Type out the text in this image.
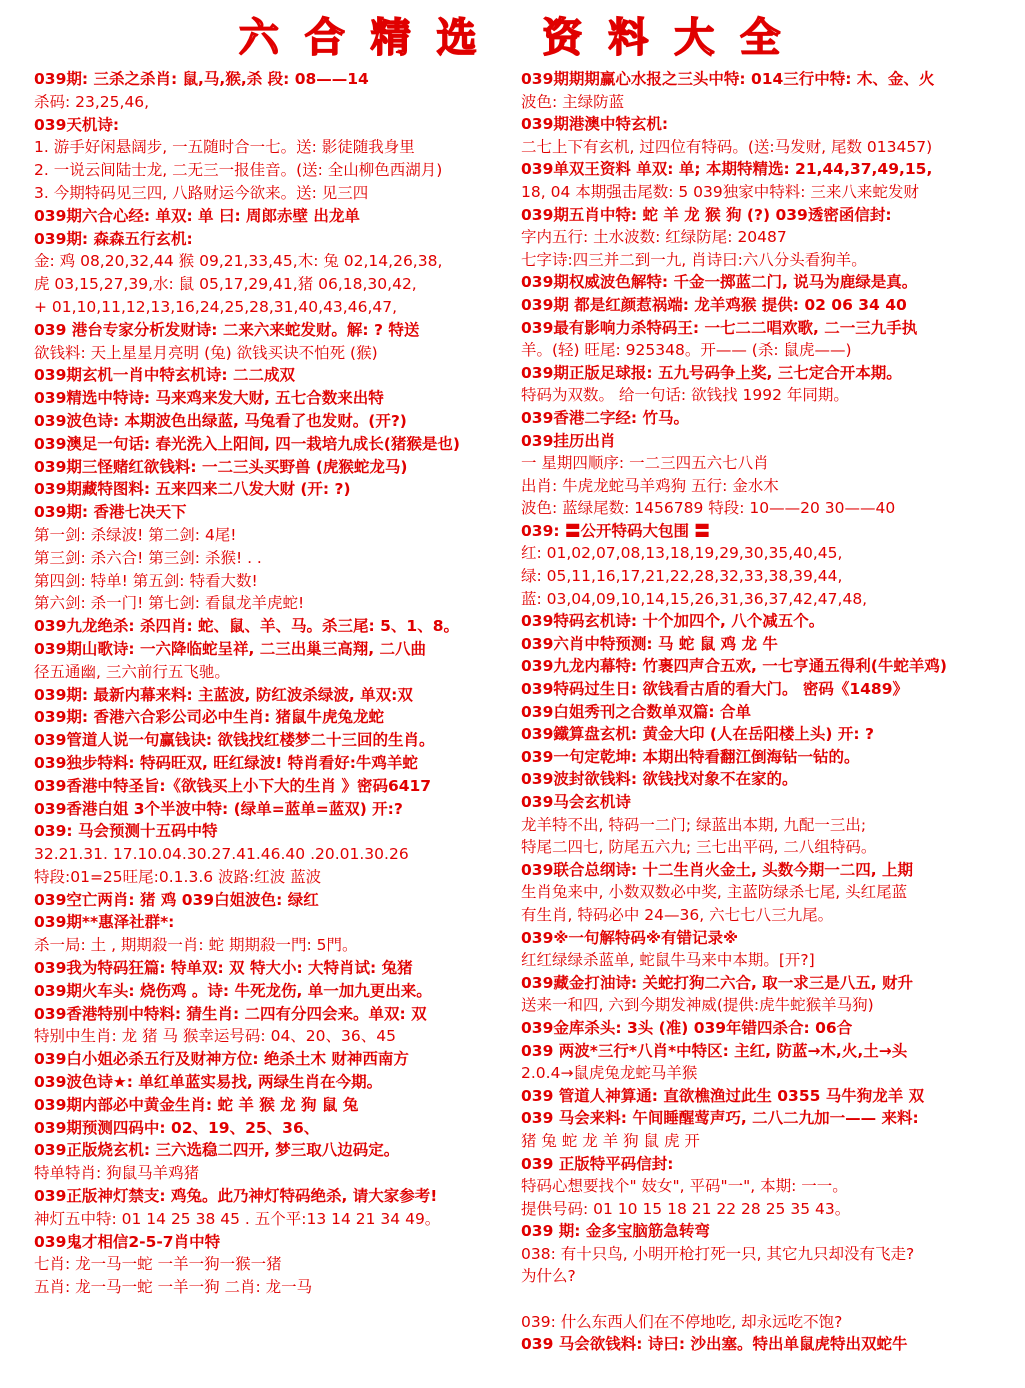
六 合 精 选   资 料 大 全
039期: 三杀之杀肖: 鼠,马,猴,杀 段: 08——14
杀码: 23,25,46,
039天机诗:
1. 游手好闲悬阔步, 一五随时合一七。送: 影徒随我身里
2. 一说云间陆士龙, 二无三一报佳音。(送: 全山柳色西湖月)
3. 今期特码见三四, 八路财运今欲来。送: 见三四
039期六合心经: 单双: 单 曰: 周郎赤壁 出龙单
039期: 森森五行玄机:
金: 鸡 08,20,32,44 猴 09,21,33,45,木: 兔 02,14,26,38,
虎 03,15,27,39,水: 鼠 05,17,29,41,猪 06,18,30,42,
+ 01,10,11,12,13,16,24,25,28,31,40,43,46,47,
039 港台专家分析发财诗: 二来六来蛇发财。解: ? 特送
欲钱料: 天上星星月亮明 (兔) 欲钱买诀不怕死 (猴)
039期玄机一肖中特玄机诗: 二二成双
039精选中特诗: 马来鸡来发大财, 五七合数来出特
039波色诗: 本期波色出绿蓝, 马兔看了也发财。(开?)
039澳足一句话: 春光洗入上阳间, 四一栽培九成长(猪猴是也)
039期三怪赌红欲钱料: 一二三头买野兽 (虎猴蛇龙马)
039期藏特图料: 五来四来二八发大财 (开: ?)
039期: 香港七决天下
第一剑: 杀绿波! 第二剑: 4尾!
第三剑: 杀六合! 第三剑: 杀猴! . .
第四剑: 特单! 第五剑: 特看大数!
第六剑: 杀一门! 第七剑: 看鼠龙羊虎蛇!
039九龙绝杀: 杀四肖: 蛇、鼠、羊、马。杀三尾: 5、1、8。
039期山歌诗: 一六降临蛇呈祥, 二三出巢三高翔, 二八曲
径五通幽, 三六前行五飞驰。
039期: 最新内幕来料: 主蓝波, 防红波杀绿波, 单双:双
039期: 香港六合彩公司必中生肖: 猪鼠牛虎兔龙蛇
039管道人说一句赢钱诀: 欲钱找红楼梦二十三回的生肖。
039独步特料: 特码旺双, 旺红绿波! 特肖看好:牛鸡羊蛇
039香港中特圣旨:《欲钱买上小下大的生肖 》密码6417
039香港白姐 3个半波中特: (绿单=蓝单=蓝双) 开:?
039: 马会预测十五码中特
32.21.31. 17.10.04.30.27.41.46.40 .20.01.30.26
特段:01=25旺尾:0.1.3.6 波路:红波 蓝波
039空亡两肖: 猪 鸡 039白姐波色: 绿红
039期**惠泽社群*:
杀一局: 土 , 期期殺一肖: 蛇 期期殺一門: 5門。
039我为特码狂篇: 特单双: 双 特大小: 大特肖试: 兔猪
039期火车头: 烧伤鸡 。诗: 牛死龙伤, 单一加九更出来。
039香港特别中特料: 猜生肖: 二四有分四会来。单双: 双
特别中生肖: 龙 猪 马 猴幸运号码: 04、20、36、45
039白小姐必杀五行及财神方位: 绝杀土木 财神西南方
039波色诗★: 单红单蓝实易找, 两绿生肖在今期。
039期内部必中黄金生肖: 蛇 羊 猴 龙 狗 鼠 兔
039期预测四码中: 02、19、25、36、
039正版烧玄机: 三六选稳二四开, 梦三取八边码定。
特单特肖: 狗鼠马羊鸡猪
039正版神灯禁支: 鸡兔。此乃神灯特码绝杀, 请大家参考!
神灯五中特: 01 14 25 38 45 . 五个平:13 14 21 34 49。
039鬼才相信2-5-7肖中特
七肖: 龙一马一蛇 一羊一狗一猴一猪
五肖: 龙一马一蛇 一羊一狗 二肖: 龙一马
039期期期赢心水报之三头中特: 014三行中特: 木、金、火
波色: 主绿防蓝
039期港澳中特玄机:
二七上下有玄机, 过四位有特码。(送:马发财, 尾数 013457)
039单双王资料 单双: 单; 本期特精选: 21,44,37,49,15,
18, 04 本期强击尾数: 5 039独家中特料: 三来八来蛇发财
039期五肖中特: 蛇 羊 龙 猴 狗 (?) 039透密函信封:
字内五行: 土水波数: 红绿防尾: 20487
七字诗:四三并二到一九, 肖诗曰:六八分头看狗羊。
039期权威波色解特: 千金一掷蓝二门, 说马为鹿绿是真。
039期 都是红颜惹祸端: 龙羊鸡猴 提供: 02 06 34 40
039最有影响力杀特码王: 一七二二唱欢歌, 二一三九手执
羊。(轻) 旺尾: 925348。开—— (杀: 鼠虎——)
039期正版足球报: 五九号码争上奖, 三七定合开本期。
特码为双数。 给一句话: 欲钱找 1992 年同期。
039香港二字经: 竹马。
039挂历出肖
一 星期四顺序: 一二三四五六七八肖
出肖: 牛虎龙蛇马羊鸡狗 五行: 金水木
波色: 蓝绿尾数: 1456789 特段: 10——20 30——40
039: 〓公开特码大包围 〓
红: 01,02,07,08,13,18,19,29,30,35,40,45,
绿: 05,11,16,17,21,22,28,32,33,38,39,44,
蓝: 03,04,09,10,14,15,26,31,36,37,42,47,48,
039特码玄机诗: 十个加四个, 八个减五个。
039六肖中特预测: 马 蛇 鼠 鸡 龙 牛
039九龙内幕特: 竹裹四声合五欢, 一七亨通五得利(牛蛇羊鸡)
039特码过生日: 欲钱看古盾的看大门。 密码《1489》
039白姐秀刊之合数单双篇: 合单
039鐵算盘玄机: 黄金大印 (人在岳阳楼上头) 开: ?
039一句定乾坤: 本期出特看翻江倒海钻一钻的。
039波封欲钱料: 欲钱找对象不在家的。
039马会玄机诗
龙羊特不出, 特码一二门; 绿蓝出本期, 九配一三出;
特尾二四七, 防尾五六九; 三七出平码, 二八组特码。
039联合总纲诗: 十二生肖火金土, 头数今期一二四, 上期
生肖兔来中, 小数双数必中奖, 主蓝防绿杀七尾, 头红尾蓝
有生肖, 特码必中 24—36, 六七七八三九尾。
039※一句解特码※有错记录※
红红绿绿杀蓝单, 蛇鼠牛马来中本期。[开?]
039藏金打油诗: 关蛇打狗二六合, 取一求三是八五, 财升
送来一和四, 六到今期发神威(提供:虎牛蛇猴羊马狗)
039金库杀头: 3头 (准) 039年错四杀合: 06合
039 两波*三行*八肖*中特区: 主红, 防蓝→木,火,土→头
2.0.4→鼠虎兔龙蛇马羊猴
039 管道人神算通: 直欲樵渔过此生 0355 马牛狗龙羊 双
039 马会来料: 午间睡醒莺声巧, 二八二九加一—— 来料:
猪 兔 蛇 龙 羊 狗 鼠 虎 开
039 正版特平码信封:
特码心想要找个" 妓女", 平码"一", 本期: 一一。
提供号码: 01 10 15 18 21 22 28 25 35 43。
039 期: 金多宝脑筋急转弯
038: 有十只鸟, 小明开枪打死一只, 其它九只却没有飞走?
为什么?
039: 什么东西人们在不停地吃, 却永远吃不饱?
039 马会欲钱料: 诗曰: 沙出塞。特出单鼠虎特出双蛇牛
